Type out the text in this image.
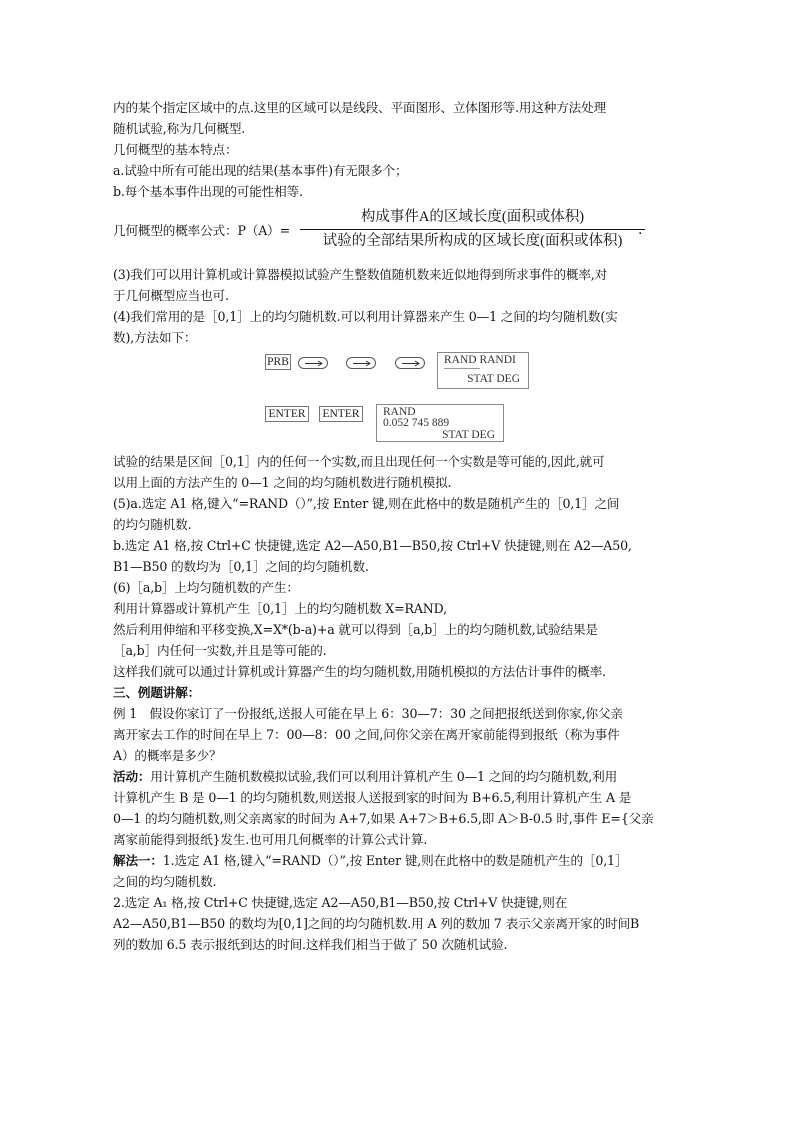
内的某个指定区域中的点.这里的区域可以是线段、平面图形、立体图形等.用这种方法处理
随机试验,称为几何概型.
几何概型的基本特点：
a.试验中所有可能出现的结果(基本事件)有无限多个；
b.每个基本事件出现的可能性相等.
几何概型的概率公式：P（A）=
构成事件A的区域长度(面积或体积)
试验的全部结果所构成的区域长度(面积或体积)
.
(3)我们可以用计算机或计算器模拟试验产生整数值随机数来近似地得到所求事件的概率,对
于几何概型应当也可.
(4)我们常用的是［0,1］上的均匀随机数.可以利用计算器来产生 0—1 之间的均匀随机数(实
数),方法如下：
PRB	RAND RANDI
STAT DEG
ENTER	ENTER	RAND
0.052 745 889
STAT DEG
试验的结果是区间［0,1］内的任何一个实数,而且出现任何一个实数是等可能的,因此,就可
以用上面的方法产生的 0—1 之间的均匀随机数进行随机模拟.
(5)a.选定 A1 格,键入“=RAND（）”,按 Enter 键,则在此格中的数是随机产生的［0,1］之间
的均匀随机数.
b.选定 A1 格,按 Ctrl+C 快捷键,选定 A2—A50,B1—B50,按 Ctrl+V 快捷键,则在 A2—A50,
B1—B50 的数均为［0,1］之间的均匀随机数.
(6)［a,b］上均匀随机数的产生：
利用计算器或计算机产生［0,1］上的均匀随机数 X=RAND,
然后利用伸缩和平移变换,X=X*(b-a)+a 就可以得到［a,b］上的均匀随机数,试验结果是
［a,b］内任何一实数,并且是等可能的.
这样我们就可以通过计算机或计算器产生的均匀随机数,用随机模拟的方法估计事件的概率.
三、例题讲解：
例 1　假设你家订了一份报纸,送报人可能在早上 6：30—7：30 之间把报纸送到你家,你父亲
离开家去工作的时间在早上 7：00—8：00 之间,问你父亲在离开家前能得到报纸（称为事件
A）的概率是多少？
活动：用计算机产生随机数模拟试验,我们可以利用计算机产生 0—1 之间的均匀随机数,利用
计算机产生 B 是 0—1 的均匀随机数,则送报人送报到家的时间为 B+6.5,利用计算机产生 A 是
0—1 的均匀随机数,则父亲离家的时间为 A+7,如果 A+7＞B+6.5,即 A＞B-0.5 时,事件 E={父亲
离家前能得到报纸}发生.也可用几何概率的计算公式计算.
解法一：1.选定 A1 格,键入“=RAND（）”,按 Enter 键,则在此格中的数是随机产生的［0,1］
之间的均匀随机数.
2.选定 A₁ 格,按 Ctrl+C 快捷键,选定 A2—A50,B1—B50,按 Ctrl+V 快捷键,则在
A2—A50,B1—B50 的数均为[0,1]之间的均匀随机数.用 A 列的数加 7 表示父亲离开家的时间B
列的数加 6.5 表示报纸到达的时间.这样我们相当于做了 50 次随机试验.
